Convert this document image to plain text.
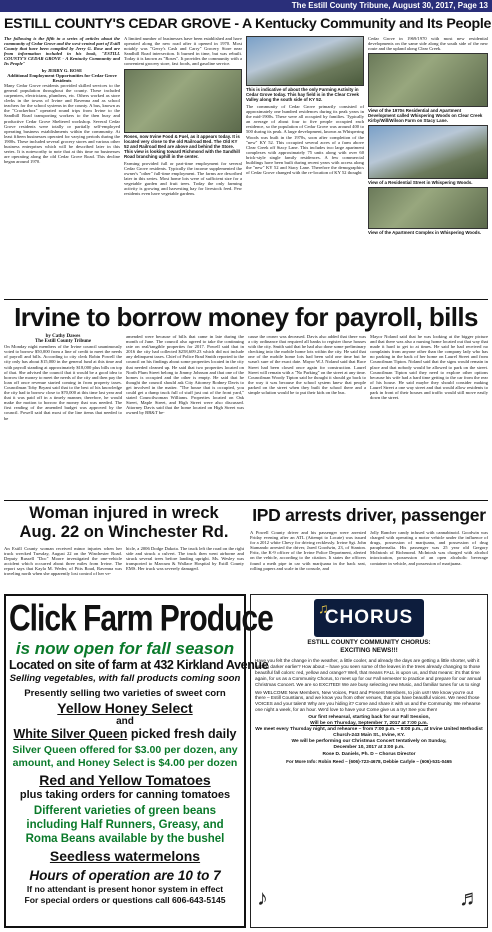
The Estill County Tribune, August 30, 2017, Page 13
ESTILL COUNTY'S CEDAR GROVE - A Kentucky Community and Its People
The following is the fifth in a series of articles about the community of Cedar Grove and the west-central part of Estill County that have been compiled by Jerry G. Rose and are from information included in his book, "ESTILL COUNTY'S CEDAR GROVE - A Kentucky Community and Its People"
by JERRY G. ROSE
Additional Employment Opportunities for Cedar Grove Residents
Many Cedar Grove residents provided skilled services to the general population throughout the county. These included carpenters, electricians, plumbers, etc. Others worked as store clerks in the towns of Irvine and Ravenna and as school teachers for the school systems in the county. A bus, known as the "Crackerbox" operated round trips from Irvine to the Sandhill Road transporting workers to the then busy and productive Cedar Grove Sheltered workshop. Several Cedar Grove residents were totally or partially self-employed operating business establishments within the community. At least fifteen businesses operated for varying periods during the 1900s. These included several grocery stores and various other business enterprises which will be described later in this series. It is noteworthy to note that at this time no businesses are operating along the old Cedar Grove Road. This decline began around 1970.
A limited number of businesses have been established and have operated along the new road after it opened in 1970. Most notably was "Gerry's Cash and Carry" Grocery Store near Sandhill Road intersection. It burned in time, but was rebuilt. Today it is known as "Roses". It provides the community with a convenient grocery store, fast foods, and gasoline service.
Roses, now Irvine Food & Fuel, as it appears today. It is located very close to the old Railroad Bed. The Old KY 52 and Railroad Bed are above and behind the Store. This view is looking toward Richmond with the Sandhill Road branching uphill in the center.
Farming provided full or part-time employment for several Cedar Grove residents. Typically the income supplemented the owner's "other" full-time employment. The farms are described later in this series. Most home lots were of sufficient size for a vegetable garden and fruit trees. Today the only farming activity is growing and harvesting hay for livestock feed. Few residents even have vegetable gardens.
This is indicative of about the only Farming Activity in Cedar Grove today. This hay field is in the Clear Creek Valley along the south side of KY 52.
The community of Cedar Grove primarily consisted of approximately one hundred residences during its peak years in the mid-1900s. These were all occupied by families. Typically an average of about four to five people occupied each residence, so the population of Cedar Grove was around 400 to 500 during its peak. A large development, known as Whispering Woods was built in the 1970s, soon after completion of the "new" KY 52. This occupied several acres of a farm above Clear Creek off Stacy Lane. This includes two large apartment complexes with approximately 75 units along with over 60 brick-style single family residences. A few commercial buildings have been built during recent years with access along the "new" KY 52 and Stacy Lane. Therefore the demographics of Cedar Grove changed with the re-location of KY 52 thought
Cedar Grove in 1969/1970 with most new residential developments on the same side along the south side of the new route and the upland along Clear Creek.
View of the 1970s Residential and Apartment Development called Whispering Woods on Clear Creek Kirby/Will/Wilson Farm on Stacy Lane.
View of a Residential Street in Whispering Woods.
View of the Apartment Complex in Whispering Woods.
Irvine to borrow money for payroll, bills
by Cathy Dawes
The Estill County Tribune
On Monday night members of the Irvine council unanimously voted to borrow $50,000 from a line of credit to meet the needs of payroll and bills. According to city clerk Robin Powell the city only has about $15,000 in the general fund at this time and with payroll standing at approximately $18,000 plus bills on top of that. She advised the council that it would be a good idea to borrow the money to meet the needs of the city and then pay the loan off once revenue started coming in from property taxes. Councilman Toby Bryant said that to the best of his knowledge the city had to borrow close to $70,000 at this time last year and that it was paid off in a timely manner, therefore, he would make the motion to borrow the money that was needed. The first reading of the amended budget was approved by the council. Powell said that most of the line items that needed to be
amended were because of bills that came in late during the month of June. The council also agreed to take the continuing rate on real/tangible properties for 2017. Powell said that in 2016 the city had collected $258,609.23 which did not include any delinquent taxes. Chief of Police Brad Smith reported to the council on his findings about some properties located in the city that needed cleaned up. He said that two properties located on North Plum Street belong to Jimmy Johnson and that one of the homes is occupied and the other is empty. He said that he thought the council should ask City Attorney Rodney Davis to get involved in the matter. "The house that is occupied, you could get a dump truck full of stuff just out of the front yard," stated Councilwoman Williams. Properties located on Oak Street, Maple Street, and High Street were also discussed. Attorney Davis said that the home located on High Street was owned by BB&T be-
cause the owner was deceased. Davis also added that there was a city ordinance that required all banks to register those houses with the city. Smith said that he had also done some preliminary checking into the mobile home lots within the city. He said that one of the mobile home lots had been sold one time but he wasn't sure of the exact date. Mayor W.J. Noland said that Race Street had been closed once again for construction. Laurel Street will remain with a "No Parking" on the street at any time. Councilman Woody Tipton said he thought it should go back to the way it was because the school system knew that people parked on the street when they built the school there and a simple solution would be to put their kids on the bus.
Mayor Noland said that he was looking at the bigger picture and that there was also a nursing home located out that way that made it hard to get to at times. He said he had received no complaints from anyone other than the company lady who has no parking in the back of her home on Laurel Street and from Councilman Tipton. Noland said that the signs would remain in place and that nobody would be allowed to park on the street. Councilman Tipton said they need to explore other options because his wife had a hard time getting to the car from the rear of his house. He said maybe they should consider making Laurel Street a one way street and that would allow residents to park in front of their houses and traffic would still move easily down the street.
Woman injured in wreck
Aug. 22 on Winchester Rd.
An Estill County woman received minor injuries when her truck wrecked Tuesday, August 22 on the Winchester Road. Deputy Russell "Doc" Moore investigated the one-vehicle accident which occurred about three miles from Irvine. The report says that Kayla M. Weder, of Pitts Road, Ravenna was traveling north when she apparently lost control of her ve-
hicle, a 2006 Dodge Dakota. The truck left the road on the right side and struck a culvert. The truck then went airborne and struck several trees before landing upright. Ms. Wesley was transported to Marcum & Wallace Hospital by Estill County EMS. Her truck was severely damaged.
IPD arrests driver, passenger
A Powell County driver and his passenger were arrested Friday evening after an ATL (Attempt to Locate) was issued for a 2012 white Chevy for driving recklessly. Irvine Sgt. John Stamando arrested the driver, Jared Goodwin, 23, of Stanton. Fritz, the K-9 officer of the Irvine Police Department, alerted on the vehicle, according to the citation. It states the officers found a meth pipe in car with marijuana in the back seat, rolling papers and scale in the console, and
Jolly Rancher candy infused with cannabinoid. Goodwin was charged with operating a motor vehicle under the influence of drugs, possession of marijuana, and possession of drug paraphernalia. His passenger was 25 year old Gregory McIntosh of Richmond. McIntosh was charged with alcohol intoxication, possession of an open alcoholic beverage container in vehicle, and possession of marijuana.
Click Farm Produce
is now open for fall season
Located on site of farm at 432 Kirkland Avenue
Selling vegetables, with fall products coming soon
Presently selling two varieties of sweet corn
Yellow Honey Select
and
White Silver Queen picked fresh daily
Silver Queen offered for $3.00 per dozen, any amount, and Honey Select is $4.00 per dozen
Red and Yellow Tomatoes
plus taking orders for canning tomatoes
Different varieties of green beans including Half Runners, Greasy, and Roma Beans available by the bushel
Seedless watermelons
Hours of operation are 10 to 7
If no attendant is present honor system in effect
For special orders or questions call 606-643-5145
♫
CHORUS
ESTILL COUNTY COMMUNITY CHORUS:
EXCITING NEWS!!!
Have you felt the change in the weather, a little cooler, and already the days are getting a little shorter, with it getting darker earlier? How about – have you seen some of the leaves in the trees already changing to those beautiful fall colors: red, yellow and orange? Well, that means FALL is upon us, and that means: it's that time again, for us as a Community Chorus, to meet up for our Fall semester to practice and prepare for our annual Christmas Concert. We are so EXCITED! We are busy selecting new Music, and familiar tunes for us to sing!
We WELCOME New Members, New Voices, Past and Present Members, to join us!!! We know you're out there – Estill Countians, and we know you from other venues, that you have beautiful voices. We need those VOICES and your talent! Why are you hiding it? Come and share it with us and the Community. We rehearse one night a week, for an hour. We'd love to have you! Come give us a try! See you then!
Our first rehearsal, starting back for our Fall Session,
Will be on Thursday, September 7, 2017 at 7:00 p.m.
We meet every Thursday night, and rehearse – from 7:00 p.m. – 8:00 p.m., at Irvine United Methodist Church-243 Main St., Irvine, KY.
We will be performing our Christmas Concert tentatively on Sunday, December 10, 2017 at 3:00 p.m.
Rose D. Daniels, Ph. D – Chorus Director
For More Info: Robin Reed – (606)-723-4678, Debbie Carlyle – (606)-531-0465
♪	♬
